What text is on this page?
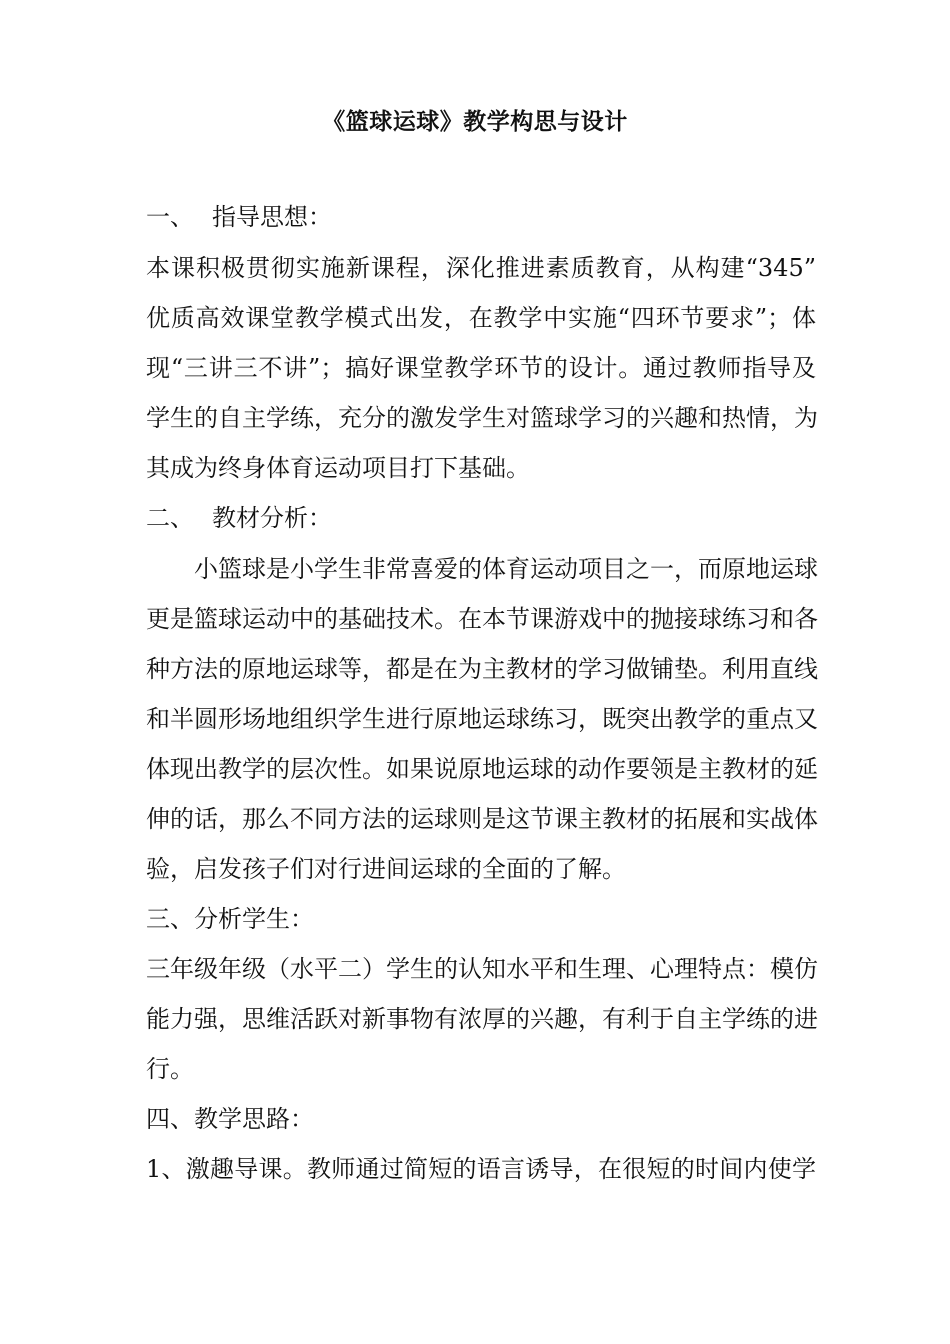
《篮球运球》教学构思与设计
一、 指导思想：
本课积极贯彻实施新课程，深化推进素质教育，从构建“345”
优质高效课堂教学模式出发，在教学中实施“四环节要求”；体
现“三讲三不讲”；搞好课堂教学环节的设计。通过教师指导及
学生的自主学练，充分的激发学生对篮球学习的兴趣和热情，为
其成为终身体育运动项目打下基础。
二、 教材分析：
小篮球是小学生非常喜爱的体育运动项目之一，而原地运球
更是篮球运动中的基础技术。在本节课游戏中的抛接球练习和各
种方法的原地运球等，都是在为主教材的学习做铺垫。利用直线
和半圆形场地组织学生进行原地运球练习，既突出教学的重点又
体现出教学的层次性。如果说原地运球的动作要领是主教材的延
伸的话，那么不同方法的运球则是这节课主教材的拓展和实战体
验，启发孩子们对行进间运球的全面的了解。
三、分析学生：
三年级年级（水平二）学生的认知水平和生理、心理特点：模仿
能力强，思维活跃对新事物有浓厚的兴趣，有利于自主学练的进
行。
四、教学思路：
1、激趣导课。教师通过简短的语言诱导，在很短的时间内使学
